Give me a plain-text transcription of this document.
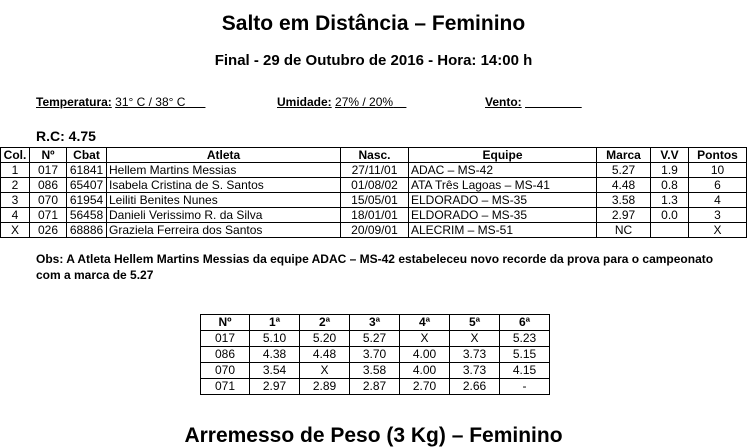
Salto em Distância – Feminino
Final - 29 de Outubro de 2016 - Hora: 14:00 h
Temperatura: 31° C / 38° C	Umidade: 27% / 20%	Vento:
R.C: 4.75
Col.	Nº	Cbat	Atleta	Nasc.	Equipe	Marca	V.V	Pontos
1	017	61841	Hellem Martins Messias	27/11/01	ADAC – MS-42	5.27	1.9	10
2	086	65407	Isabela Cristina de S. Santos	01/08/02	ATA Três Lagoas – MS-41	4.48	0.8	6
3	070	61954	Leiliti Benites Nunes	15/05/01	ELDORADO – MS-35	3.58	1.3	4
4	071	56458	Danieli Verissimo R. da Silva	18/01/01	ELDORADO – MS-35	2.97	0.0	3
X	026	68886	Graziela Ferreira dos Santos	20/09/01	ALECRIM – MS-51	NC		X
Obs: A Atleta Hellem Martins Messias da equipe ADAC – MS-42 estabeleceu novo recorde da prova para o campeonato com a marca de 5.27
Nº	1ª	2ª	3ª	4ª	5ª	6ª
017	5.10	5.20	5.27	X	X	5.23
086	4.38	4.48	3.70	4.00	3.73	5.15
070	3.54	X	3.58	4.00	3.73	4.15
071	2.97	2.89	2.87	2.70	2.66	-
Arremesso de Peso (3 Kg) – Feminino
